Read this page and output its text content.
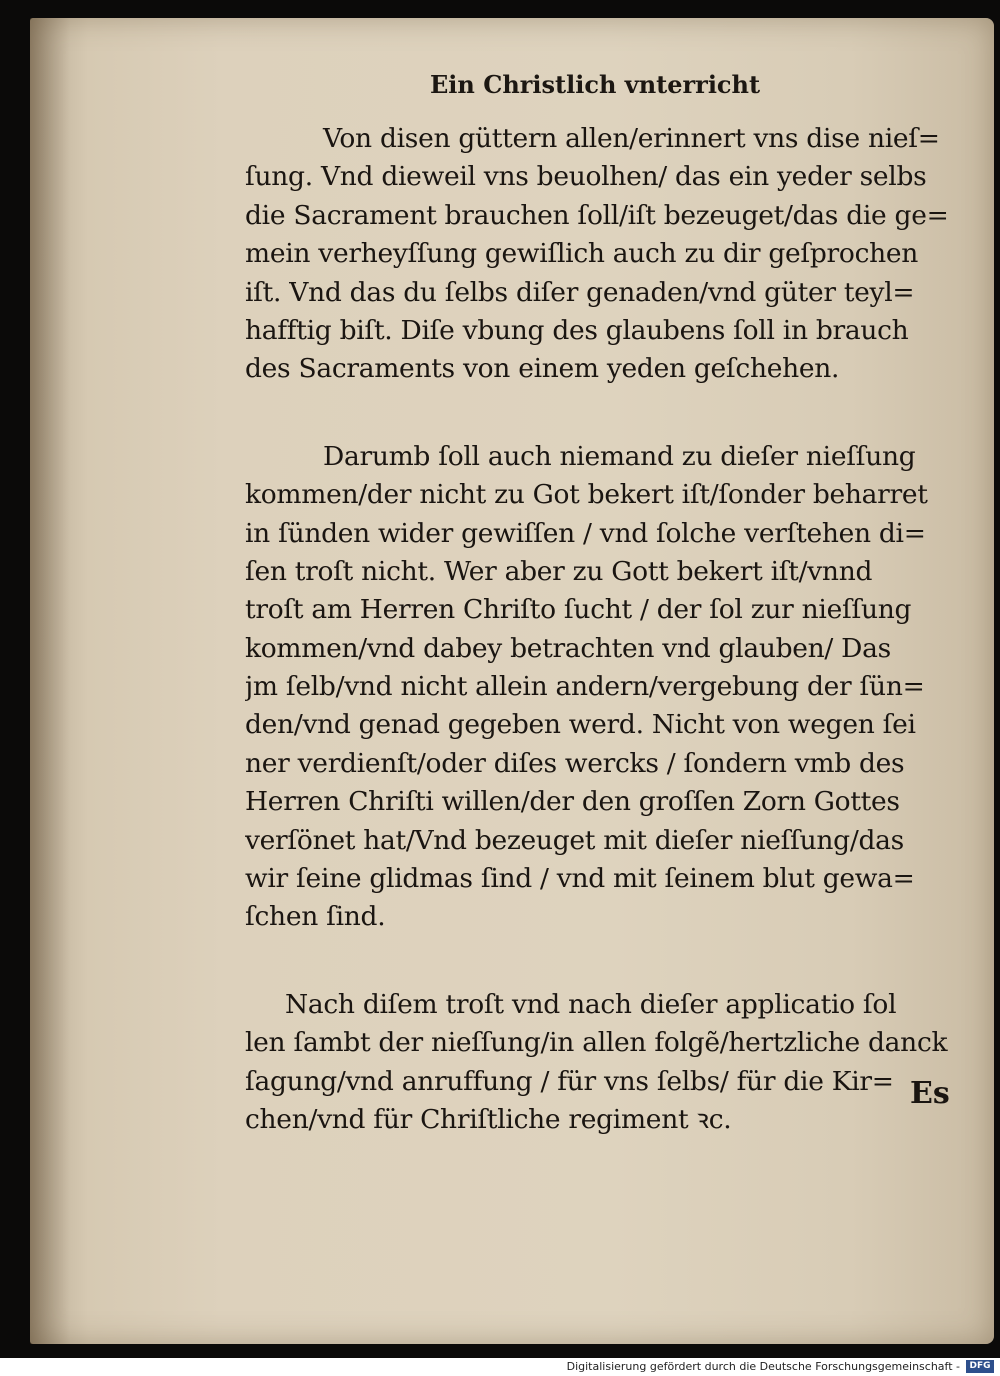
Ein Christlich vnterricht

Von disen güttern allen/erinnert vns dise nieſ=
ſung. Vnd dieweil vns beuolhen/ das ein yeder selbs
die Sacrament brauchen ſoll/iſt bezeuget/das die ge=
mein verheyſſung gewiſlich auch zu dir geſprochen
iſt. Vnd das du ſelbs diſer genaden/vnd güter teyl=
hafftig biſt. Diſe vbung des glaubens ſoll in brauch
des Sacraments von einem yeden geſchehen.

Darumb ſoll auch niemand zu dieſer nieſſung
kommen/der nicht zu Got bekert iſt/ſonder beharret
in ſünden wider gewiſſen / vnd ſolche verſtehen di=
ſen troſt nicht. Wer aber zu Gott bekert iſt/vnnd
troſt am Herren Chriſto ſucht / der ſol zur nieſſung
kommen/vnd dabey betrachten vnd glauben/ Das
jm ſelb/vnd nicht allein andern/vergebung der ſün=
den/vnd genad gegeben werd. Nicht von wegen ſei
ner verdienſt/oder diſes wercks / ſondern vmb des
Herren Chriſti willen/der den groſſen Zorn Gottes
verſönet hat/Vnd bezeuget mit dieſer nieſſung/das
wir ſeine glidmas ſind / vnd mit ſeinem blut gewa=
ſchen ſind.

Nach diſem troſt vnd nach dieſer applicatio ſol
len ſambt der nieſſung/in allen folgẽ/hertzliche danck
ſagung/vnd anruffung / für vns ſelbs/ für die Kir=
chen/vnd für Chriſtliche regiment ꝛc.

Es

Digitalisierung gefördert durch die Deutsche Forschungsgemeinschaft -	DFG
